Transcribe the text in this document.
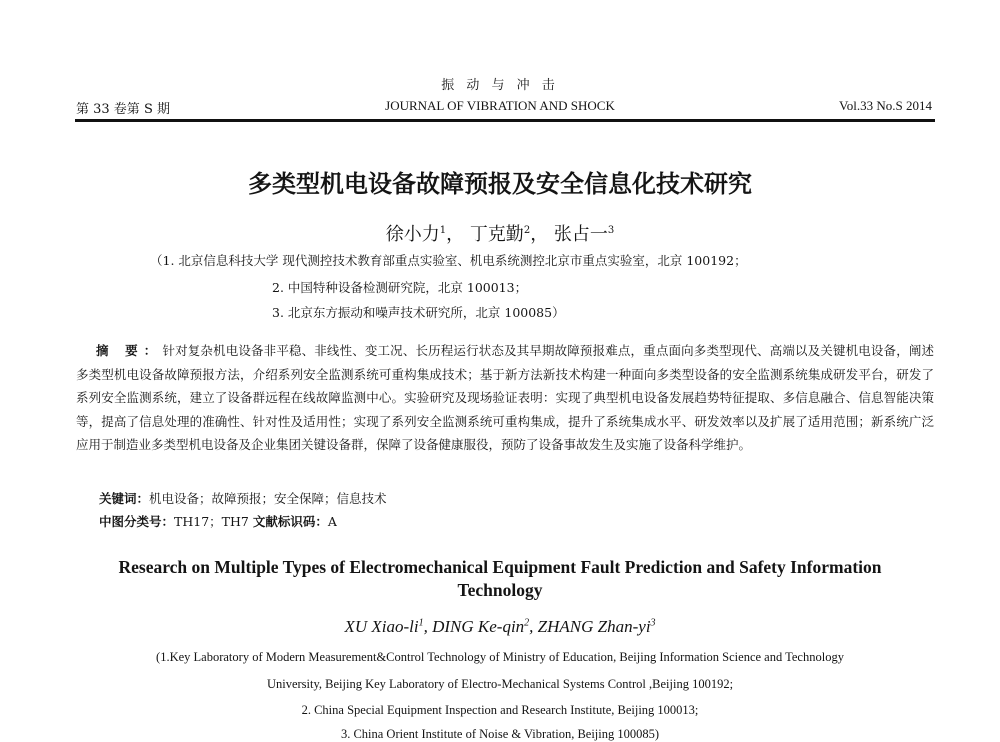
振 动 与 冲 击
第 33 卷第 S 期	JOURNAL OF VIBRATION AND SHOCK	Vol.33 No.S 2014
多类型机电设备故障预报及安全信息化技术研究
徐小力$^1$， 丁克勤$^2$， 张占一$^3$
（1. 北京信息科技大学 现代测控技术教育部重点实验室、机电系统测控北京市重点实验室，北京 100192；
2. 中国特种设备检测研究院，北京 100013；
3. 北京东方振动和噪声技术研究所，北京 100085）
摘 要：针对复杂机电设备非平稳、非线性、变工况、长历程运行状态及其早期故障预报难点，重点面向多类型现代、高端以及关键机电设备，阐述多类型机电设备故障预报方法，介绍系列安全监测系统可重构集成技术；基于新方法新技术构建一种面向多类型设备的安全监测系统集成研发平台，研发了系列安全监测系统，建立了设备群远程在线故障监测中心。实验研究及现场验证表明：实现了典型机电设备发展趋势特征提取、多信息融合、信息智能决策等，提高了信息处理的准确性、针对性及适用性；实现了系列安全监测系统可重构集成，提升了系统集成水平、研发效率以及扩展了适用范围；新系统广泛应用于制造业多类型机电设备及企业集团关键设备群，保障了设备健康服役，预防了设备事故发生及实施了设备科学维护。
关键词：机电设备；故障预报；安全保障；信息技术
中图分类号：TH17；TH7 文献标识码：A
Research on Multiple Types of Electromechanical Equipment Fault Prediction and Safety Information Technology
XU Xiao-$li^1$, DING Ke-qin$^2$, ZHANG Zhan-$yi^3$
(1.Key Laboratory of Modern Measurement&Control Technology of Ministry of Education, Beijing Information Science and Technology
University, Beijing Key Laboratory of Electro-Mechanical Systems Control ,Beijing 100192;
2. China Special Equipment Inspection and Research Institute, Beijing 100013;
3. China Orient Institute of Noise & Vibration, Beijing 100085)
